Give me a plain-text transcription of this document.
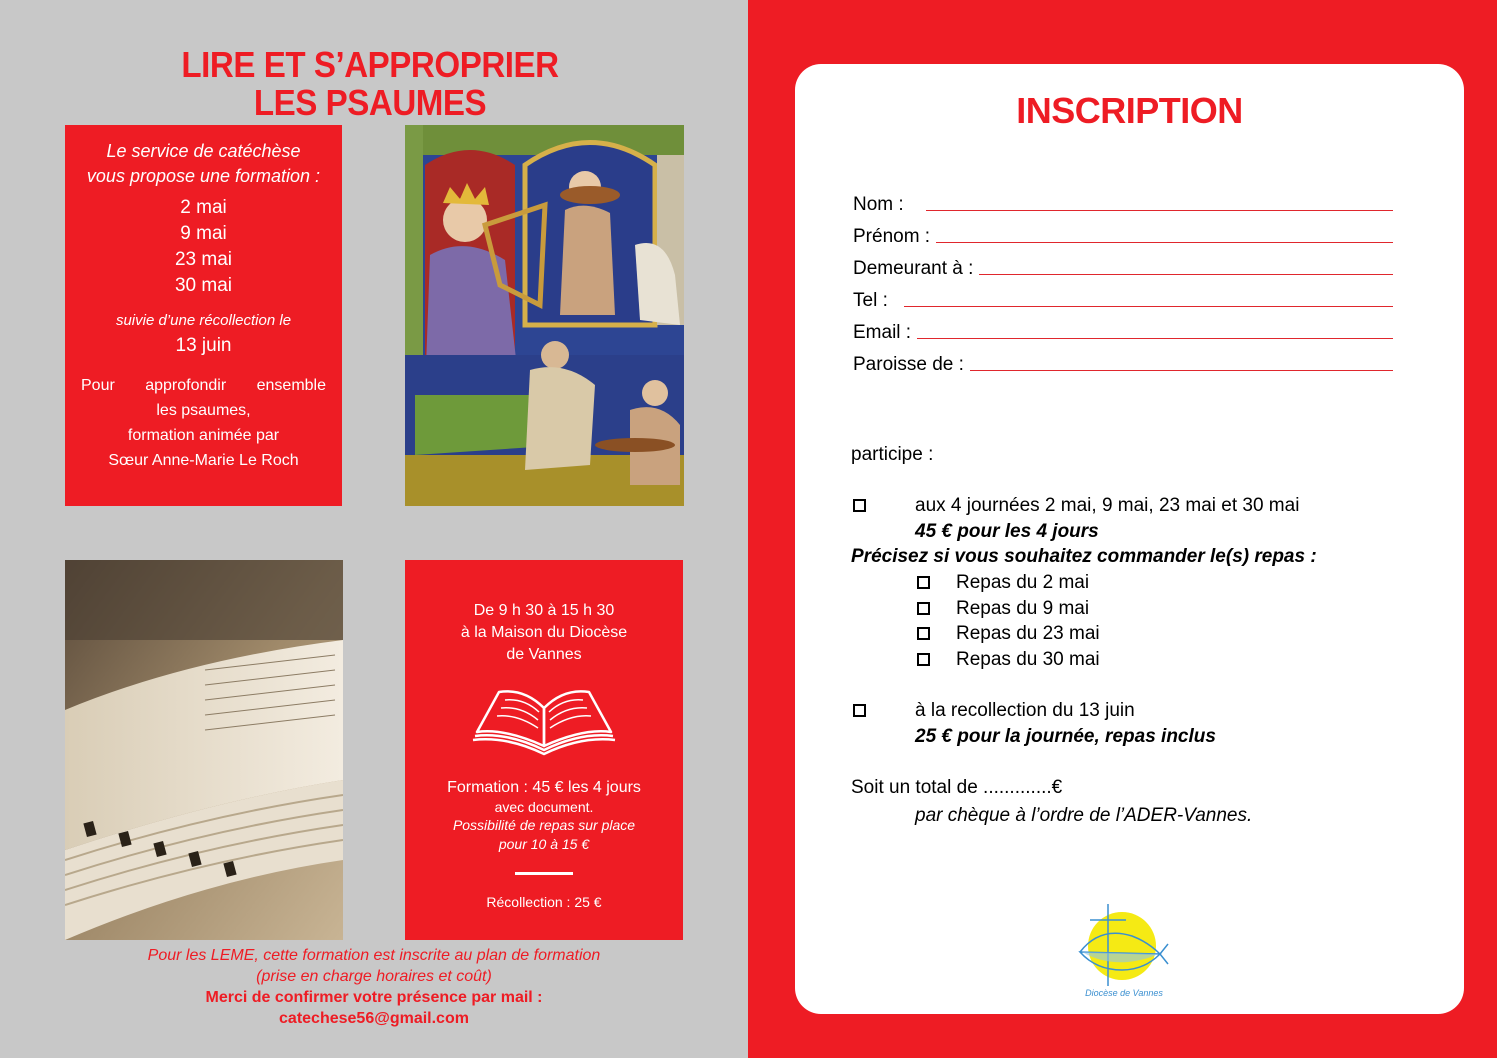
LIRE ET S’APPROPRIER
LES PSAUMES
Le service de catéchèse
vous propose une formation :
2 mai
9 mai
23 mai
30 mai
suivie d’une récollection le
13 juin
Pour approfondir ensemble
les psaumes,
formation animée par
Sœur Anne-Marie Le Roch
De 9 h 30 à 15 h 30
à la Maison du Diocèse
de Vannes
Formation : 45 € les 4 jours
avec document.
Possibilité de repas sur place
pour 10 à 15 €
Récollection : 25 €
Pour les LEME, cette formation est inscrite au plan de formation
(prise en charge horaires et coût)
Merci de confirmer votre présence par mail :
catechese56@gmail.com
INSCRIPTION
Nom :
Prénom :
Demeurant à :
Tel :
Email :
Paroisse de :
participe :
aux 4 journées 2 mai, 9 mai, 23 mai et 30 mai
45 € pour les 4 jours
Précisez si vous souhaitez commander le(s) repas :
Repas du 2 mai
Repas du 9 mai
Repas du 23 mai
Repas du 30 mai
à la recollection du 13 juin
25 € pour la journée, repas inclus
Soit un total de .............€
par chèque à l’ordre de l’ADER-Vannes.
Diocèse de Vannes
